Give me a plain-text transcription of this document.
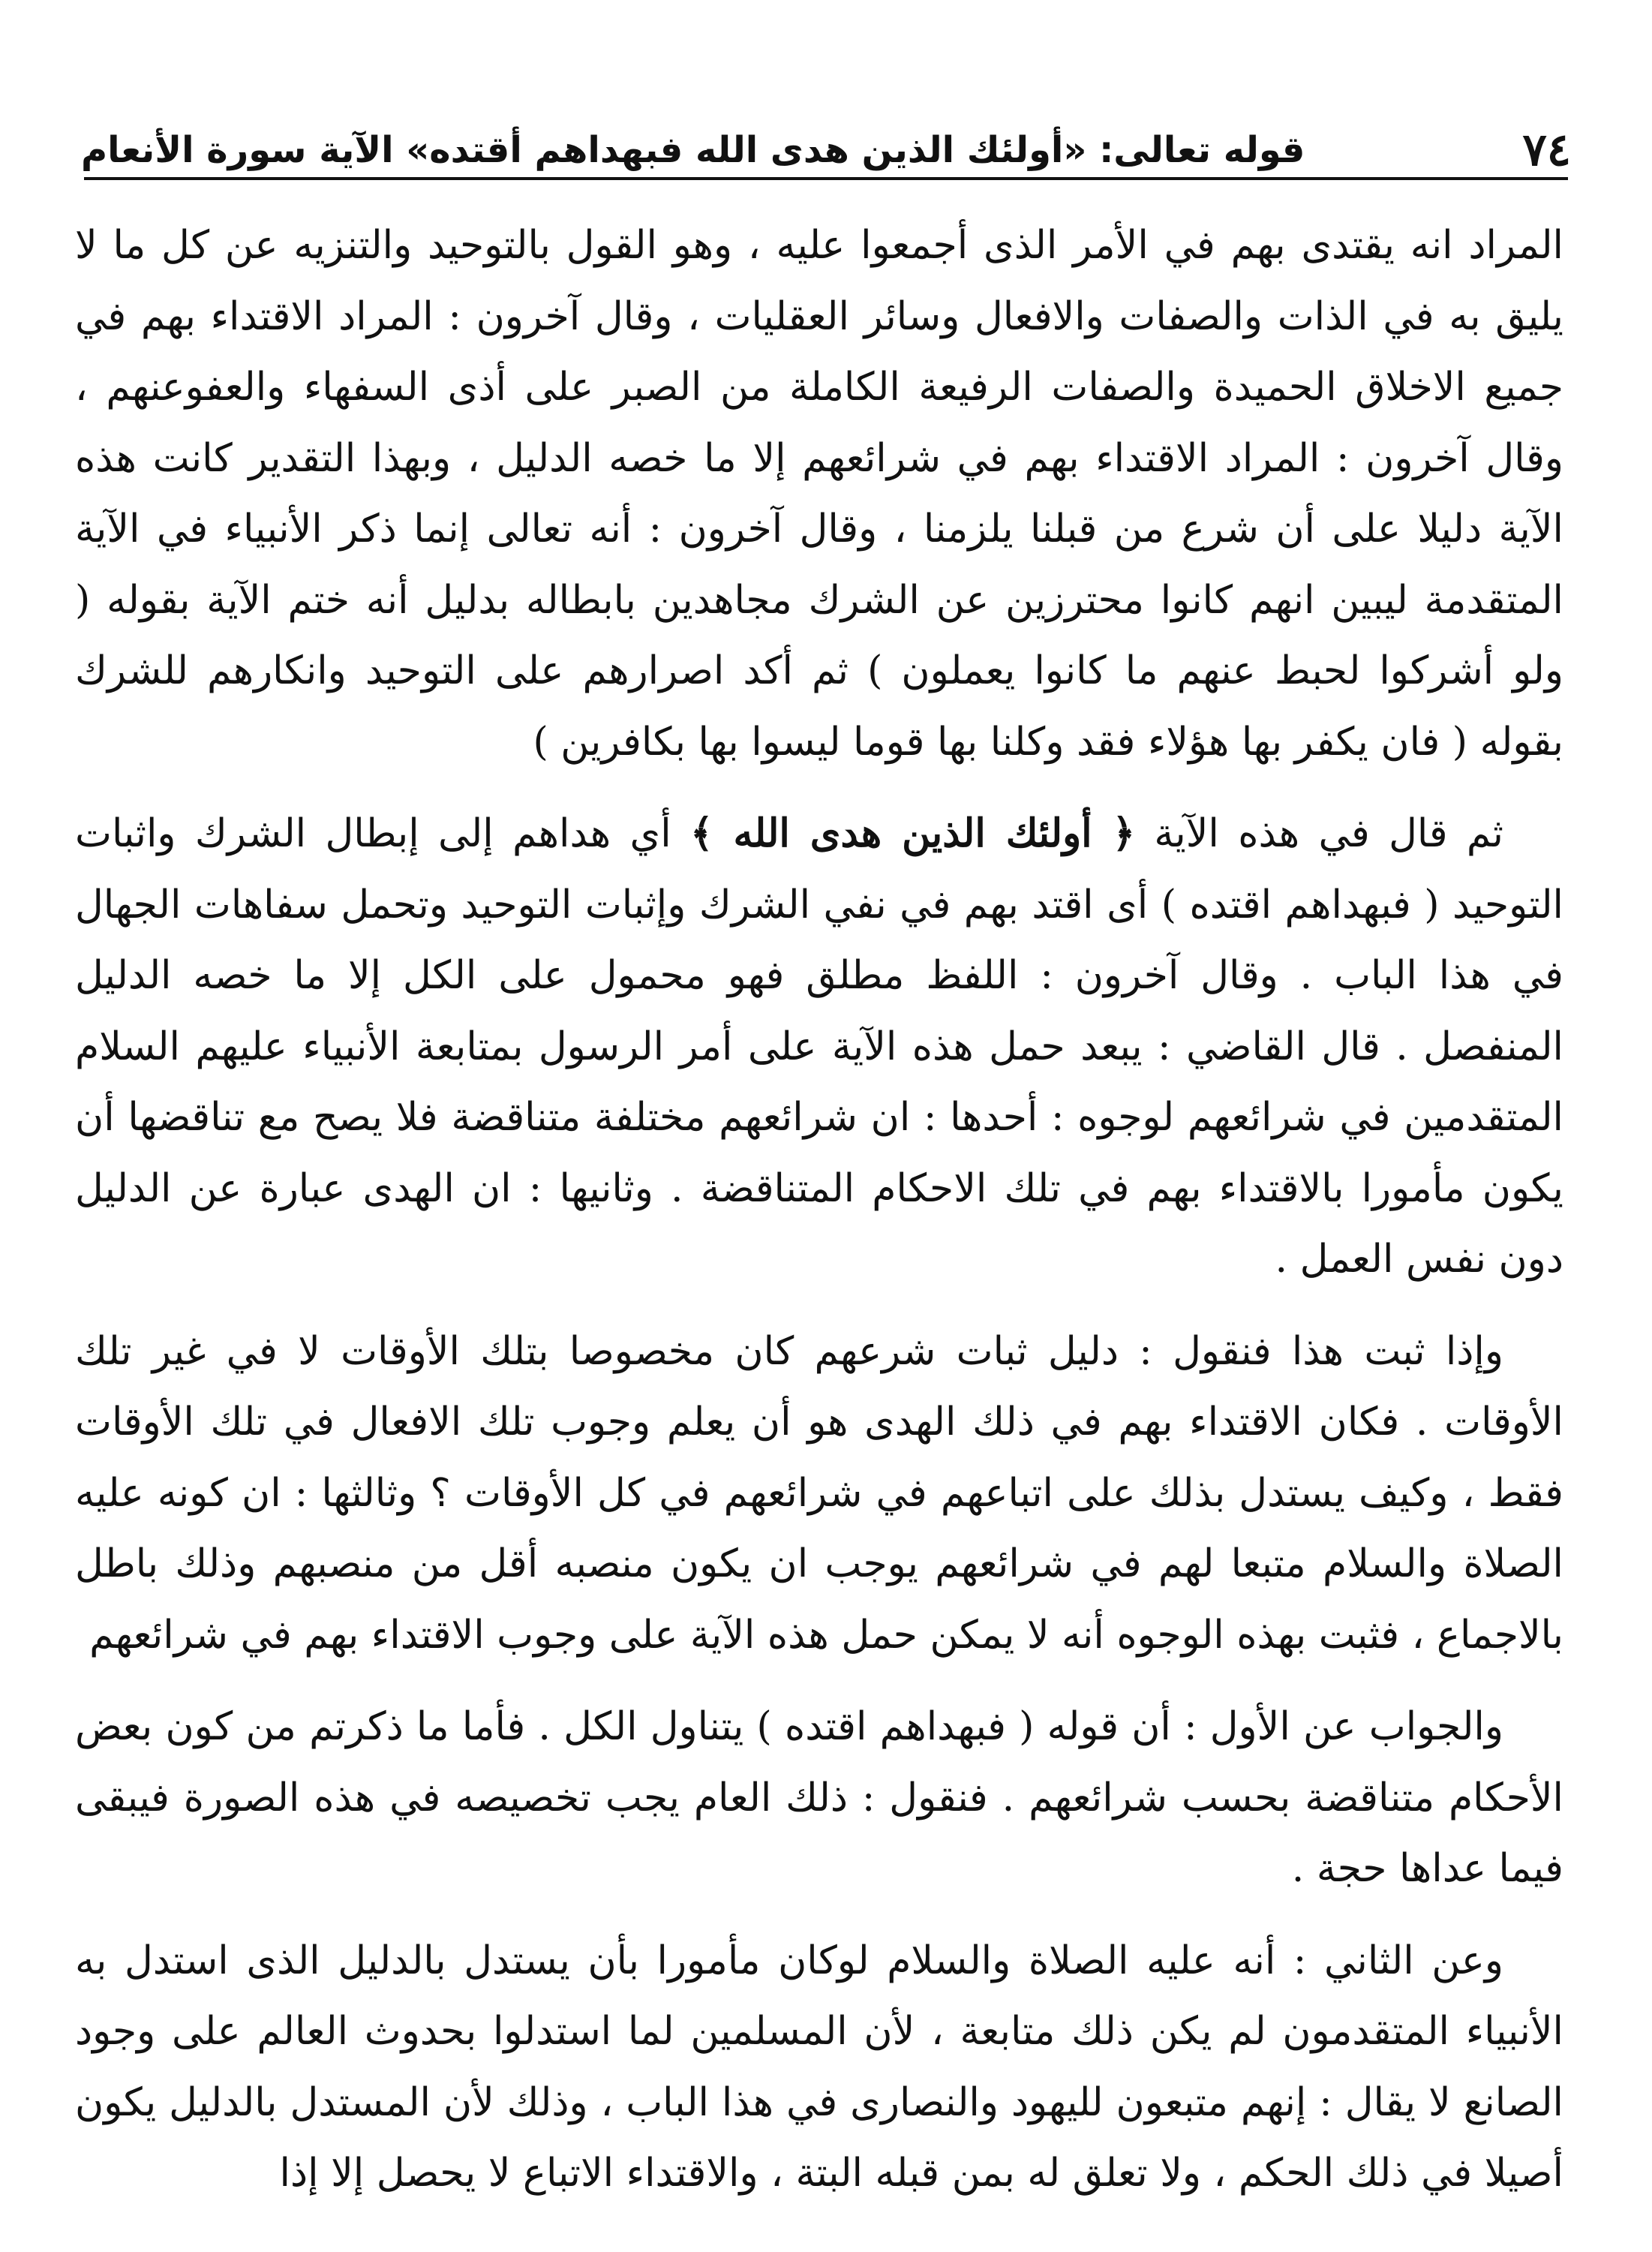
٧٤
قوله تعالى: «أولئك الذين هدى الله فبهداهم أقتده» الآية سورة الأنعام

المراد انه يقتدى بهم في الأمر الذى أجمعوا عليه ، وهو القول بالتوحيد والتنزيه عن كل ما لا يليق به في الذات والصفات والافعال وسائر العقليات ، وقال آخرون : المراد الاقتداء بهم في جميع الاخلاق الحميدة والصفات الرفيعة الكاملة من الصبر على أذى السفهاء والعفوعنهم ، وقال آخرون : المراد الاقتداء بهم في شرائعهم إلا ما خصه الدليل ، وبهذا التقدير كانت هذه الآية دليلا على أن شرع من قبلنا يلزمنا ، وقال آخرون : أنه تعالى إنما ذكر الأنبياء في الآية المتقدمة ليبين انهم كانوا محترزين عن الشرك مجاهدين بابطاله بدليل أنه ختم الآية بقوله ( ولو أشركوا لحبط عنهم ما كانوا يعملون ) ثم أكد اصرارهم على التوحيد وانكارهم للشرك بقوله ( فان يكفر بها هؤلاء فقد وكلنا بها قوما ليسوا بها بكافرين )

ثم قال في هذه الآية ﴿ أولئك الذين هدى الله ﴾ أي هداهم إلى إبطال الشرك واثبات التوحيد ( فبهداهم اقتده ) أى اقتد بهم في نفي الشرك وإثبات التوحيد وتحمل سفاهات الجهال في هذا الباب . وقال آخرون : اللفظ مطلق فهو محمول على الكل إلا ما خصه الدليل المنفصل . قال القاضي : يبعد حمل هذه الآية على أمر الرسول بمتابعة الأنبياء عليهم السلام المتقدمين في شرائعهم لوجوه : أحدها : ان شرائعهم مختلفة متناقضة فلا يصح مع تناقضها أن يكون مأمورا بالاقتداء بهم في تلك الاحكام المتناقضة . وثانيها : ان الهدى عبارة عن الدليل دون نفس العمل .

وإذا ثبت هذا فنقول : دليل ثبات شرعهم كان مخصوصا بتلك الأوقات لا في غير تلك الأوقات . فكان الاقتداء بهم في ذلك الهدى هو أن يعلم وجوب تلك الافعال في تلك الأوقات فقط ، وكيف يستدل بذلك على اتباعهم في شرائعهم في كل الأوقات ؟ وثالثها : ان كونه عليه الصلاة والسلام متبعا لهم في شرائعهم يوجب ان يكون منصبه أقل من منصبهم وذلك باطل بالاجماع ، فثبت بهذه الوجوه أنه لا يمكن حمل هذه الآية على وجوب الاقتداء بهم في شرائعهم

والجواب عن الأول : أن قوله ( فبهداهم اقتده ) يتناول الكل . فأما ما ذكرتم من كون بعض الأحكام متناقضة بحسب شرائعهم . فنقول : ذلك العام يجب تخصيصه في هذه الصورة فيبقى فيما عداها حجة .

وعن الثاني : أنه عليه الصلاة والسلام لوكان مأمورا بأن يستدل بالدليل الذى استدل به الأنبياء المتقدمون لم يكن ذلك متابعة ، لأن المسلمين لما استدلوا بحدوث العالم على وجود الصانع لا يقال : إنهم متبعون لليهود والنصارى في هذا الباب ، وذلك لأن المستدل بالدليل يكون أصيلا في ذلك الحكم ، ولا تعلق له بمن قبله البتة ، والاقتداء الاتباع لا يحصل إلا إذا
